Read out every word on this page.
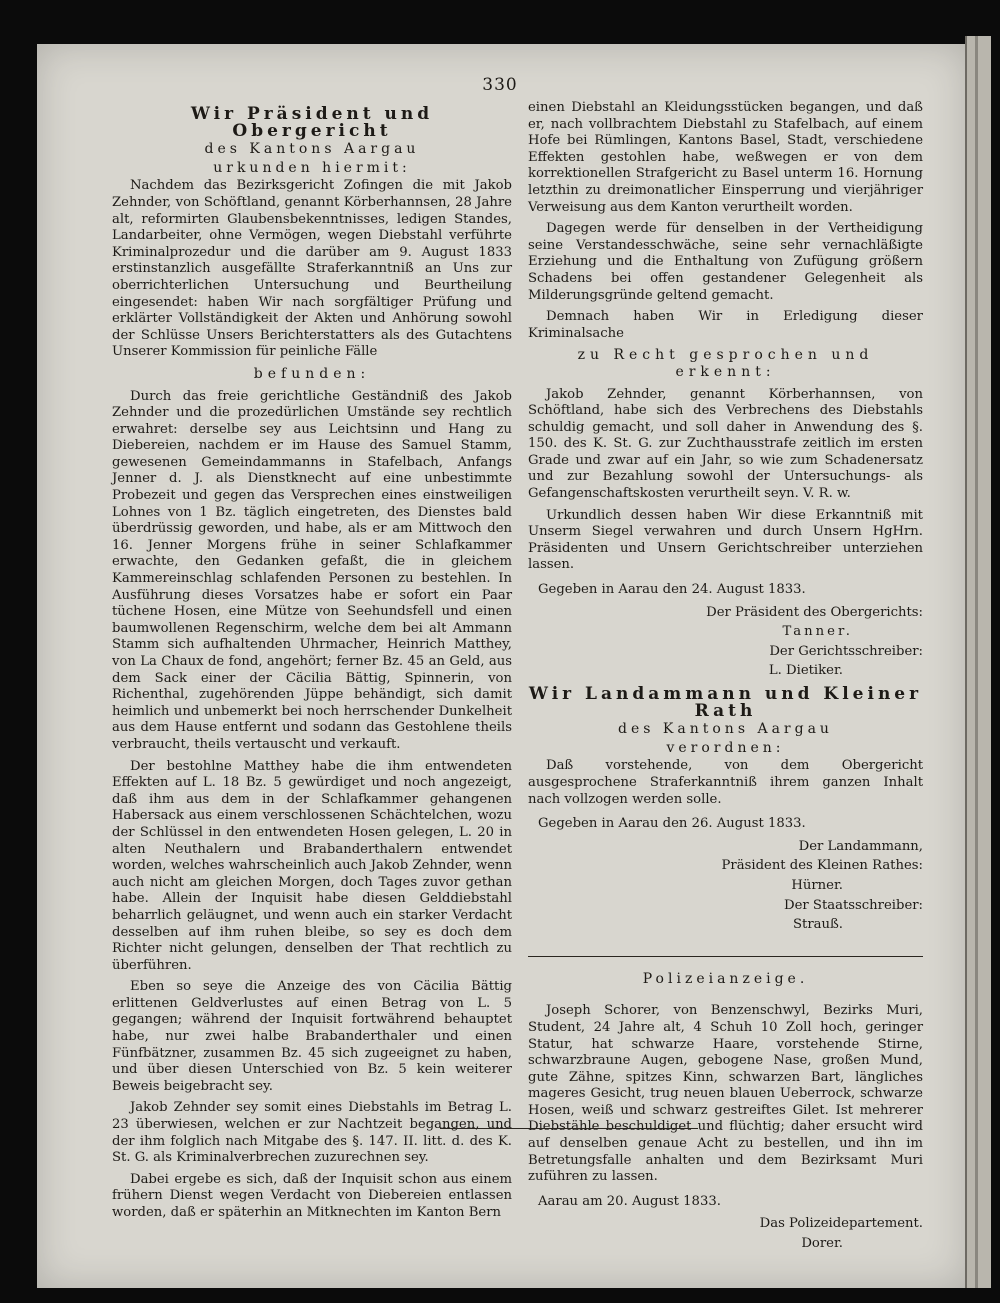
330
Wir Präsident und Obergericht
des Kantons Aargau
urkunden hiermit:

Nachdem das Bezirksgericht Zofingen die mit Jakob Zehnder, von Schöftland, genannt Körberhannsen, 28 Jahre alt, reformirten Glaubensbekenntnisses, ledigen Standes, Landarbeiter, ohne Vermögen, wegen Diebstahl verführte Kriminalprozedur und die darüber am 9. August 1833 erstinstanzlich ausgefällte Straferkanntniß an Uns zur oberrichterlichen Untersuchung und Beurtheilung eingesendet: haben Wir nach sorgfältiger Prüfung und erklärter Vollständigkeit der Akten und Anhörung sowohl der Schlüsse Unsers Berichterstatters als des Gutachtens Unserer Kommission für peinliche Fälle

befunden:

Durch das freie gerichtliche Geständniß des Jakob Zehnder und die prozedürlichen Umstände sey rechtlich erwahret: derselbe sey aus Leichtsinn und Hang zu Diebereien, nachdem er im Hause des Samuel Stamm, gewesenen Gemeindammanns in Stafelbach, Anfangs Jenner d. J. als Dienstknecht auf eine unbestimmte Probezeit und gegen das Versprechen eines einstweiligen Lohnes von 1 Bz. täglich eingetreten, des Dienstes bald überdrüssig geworden, und habe, als er am Mittwoch den 16. Jenner Morgens frühe in seiner Schlafkammer erwachte, den Gedanken gefaßt, die in gleichem Kammereinschlag schlafenden Personen zu bestehlen. In Ausführung dieses Vorsatzes habe er sofort ein Paar tüchene Hosen, eine Mütze von Seehundsfell und einen baumwollenen Regenschirm, welche dem bei alt Ammann Stamm sich aufhaltenden Uhrmacher, Heinrich Matthey, von La Chaux de fond, angehört; ferner Bz. 45 an Geld, aus dem Sack einer der Cäcilia Bättig, Spinnerin, von Richenthal, zugehörenden Jüppe behändigt, sich damit heimlich und unbemerkt bei noch herrschender Dunkelheit aus dem Hause entfernt und sodann das Gestohlene theils verbraucht, theils vertauscht und verkauft.

Der bestohlne Matthey habe die ihm entwendeten Effekten auf L. 18 Bz. 5 gewürdiget und noch angezeigt, daß ihm aus dem in der Schlafkammer gehangenen Habersack aus einem verschlossenen Schächtelchen, wozu der Schlüssel in den entwendeten Hosen gelegen, L. 20 in alten Neuthalern und Brabanderthalern entwendet worden, welches wahrscheinlich auch Jakob Zehnder, wenn auch nicht am gleichen Morgen, doch Tages zuvor gethan habe. Allein der Inquisit habe diesen Gelddiebstahl beharrlich geläugnet, und wenn auch ein starker Verdacht desselben auf ihm ruhen bleibe, so sey es doch dem Richter nicht gelungen, denselben der That rechtlich zu überführen.

Eben so seye die Anzeige des von Cäcilia Bättig erlittenen Geldverlustes auf einen Betrag von L. 5 gegangen; während der Inquisit fortwährend behauptet habe, nur zwei halbe Brabanderthaler und einen Fünfbätzner, zusammen Bz. 45 sich zugeeignet zu haben, und über diesen Unterschied von Bz. 5 kein weiterer Beweis beigebracht sey.

Jakob Zehnder sey somit eines Diebstahls im Betrag L. 23 überwiesen, welchen er zur Nachtzeit begangen, und der ihm folglich nach Mitgabe des §. 147. II. litt. d. des K. St. G. als Kriminalverbrechen zuzurechnen sey.

Dabei ergebe es sich, daß der Inquisit schon aus einem frühern Dienst wegen Verdacht von Diebereien entlassen worden, daß er späterhin an Mitknechten im Kanton Bern

einen Diebstahl an Kleidungsstücken begangen, und daß er, nach vollbrachtem Diebstahl zu Stafelbach, auf einem Hofe bei Rümlingen, Kantons Basel, Stadt, verschiedene Effekten gestohlen habe, weßwegen er von dem korrektionellen Strafgericht zu Basel unterm 16. Hornung letzthin zu dreimonatlicher Einsperrung und vierjähriger Verweisung aus dem Kanton verurtheilt worden.

Dagegen werde für denselben in der Vertheidigung seine Verstandesschwäche, seine sehr vernachläßigte Erziehung und die Enthaltung von Zufügung größern Schadens bei offen gestandener Gelegenheit als Milderungsgründe geltend gemacht.

Demnach haben Wir in Erledigung dieser Kriminalsache

zu Recht gesprochen und erkennt:

Jakob Zehnder, genannt Körberhannsen, von Schöftland, habe sich des Verbrechens des Diebstahls schuldig gemacht, und soll daher in Anwendung des §. 150. des K. St. G. zur Zuchthausstrafe zeitlich im ersten Grade und zwar auf ein Jahr, so wie zum Schadenersatz und zur Bezahlung sowohl der Untersuchungs- als Gefangenschaftskosten verurtheilt seyn. V. R. w.

Urkundlich dessen haben Wir diese Erkanntniß mit Unserm Siegel verwahren und durch Unsern HgHrn. Präsidenten und Unsern Gerichtschreiber unterziehen lassen.

Gegeben in Aarau den 24. August 1833.
Der Präsident des Obergerichts:
Tanner.
Der Gerichtsschreiber:
L. Dietiker.
Wir Landammann und Kleiner Rath
des Kantons Aargau
verordnen:

Daß vorstehende, von dem Obergericht ausgesprochene Straferkanntniß ihrem ganzen Inhalt nach vollzogen werden solle.

Gegeben in Aarau den 26. August 1833.
Der Landammann,
Präsident des Kleinen Rathes:
Hürner.
Der Staatsschreiber:
Strauß.
Polizeianzeige.

Joseph Schorer, von Benzenschwyl, Bezirks Muri, Student, 24 Jahre alt, 4 Schuh 10 Zoll hoch, geringer Statur, hat schwarze Haare, vorstehende Stirne, schwarzbraune Augen, gebogene Nase, großen Mund, gute Zähne, spitzes Kinn, schwarzen Bart, längliches mageres Gesicht, trug neuen blauen Ueberrock, schwarze Hosen, weiß und schwarz gestreiftes Gilet. Ist mehrerer Diebstähle beschuldiget und flüchtig; daher ersucht wird auf denselben genaue Acht zu bestellen, und ihn im Betretungsfalle anhalten und dem Bezirksamt Muri zuführen zu lassen.

Aarau am 20. August 1833.
Das Polizeidepartement.
Dorer.
